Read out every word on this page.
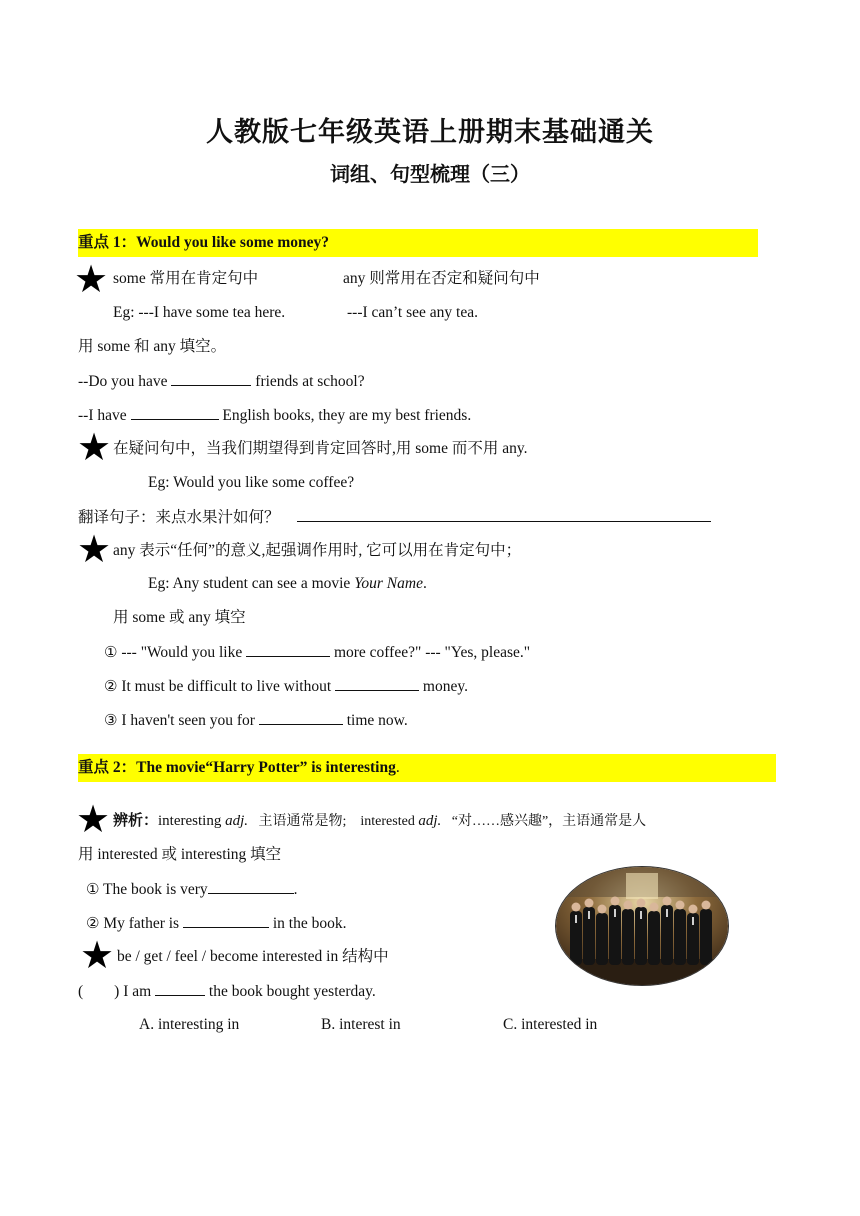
人教版七年级英语上册期末基础通关
词组、句型梳理（三）
重点 1：Would you like some money?
★ some 常用在肯定句中	any 则常用在否定和疑问句中
Eg: ---I have some tea here.	---I can’t see any tea.
用 some 和 any 填空。
--Do you have	friends at school?
--I have	English books, they are my best friends.
★ 在疑问句中，当我们期望得到肯定回答时,用 some 而不用 any.
Eg: Would you like some coffee?
翻译句子：来点水果汁如何？
★ any 表示“任何”的意义,起强调作用时, 它可以用在肯定句中；
Eg: Any student can see a movie Your Name.
用 some 或 any 填空
① --- "Would you like	more coffee?" --- "Yes, please."
② It must be difficult to live without	money.
③ I haven't seen you for	time now.
重点 2：The movie“Harry Potter” is interesting.
★ 辨析：interesting adj.   主语通常是物;    interested adj.   “对……感兴趣”，主语通常是人
用 interested 或 interesting 填空
① The book is very	.
② My father is	in the book.
★ be / get / feel / become interested in 结构中
(        ) I am	the book bought yesterday.
A. interesting in	B. interest in	C. interested in
